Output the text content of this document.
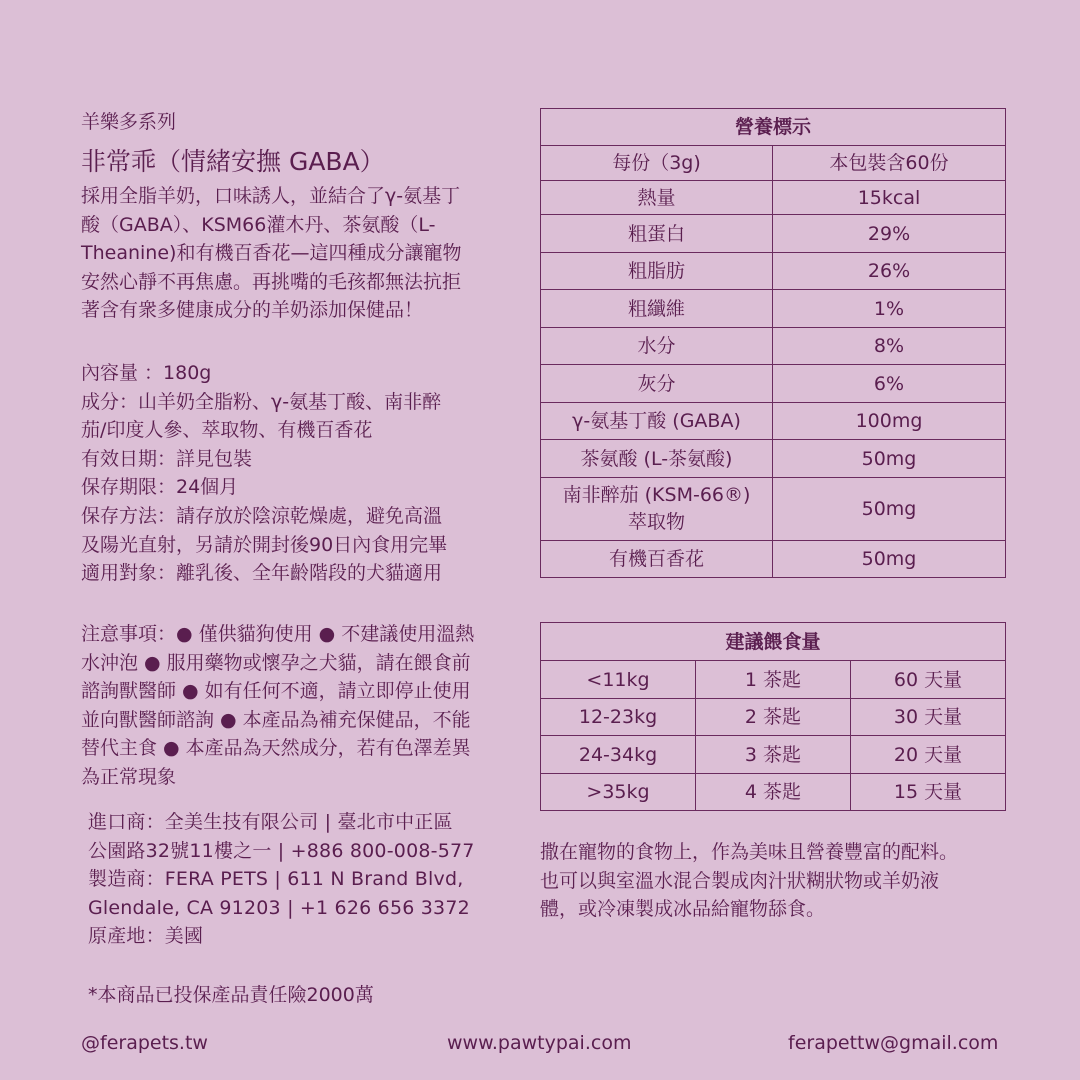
羊樂多系列
非常乖（情緒安撫 GABA）
採用全脂羊奶，口味誘人，並結合了γ-氨基丁
酸（GABA）、KSM66灌木丹、茶氨酸（L-
Theanine)和有機百香花—這四種成分讓寵物
安然心靜不再焦慮。再挑嘴的毛孩都無法抗拒
著含有衆多健康成分的羊奶添加保健品！
內容量 ：180g
成分：山羊奶全脂粉、γ-氨基丁酸、南非醉
茄/印度人參、萃取物、有機百香花
有效日期：詳見包裝
保存期限：24個月
保存方法：請存放於陰涼乾燥處，避免高溫
及陽光直射，另請於開封後90日內食用完畢
適用對象：離乳後、全年齡階段的犬貓適用
注意事項：● 僅供貓狗使用 ● 不建議使用溫熱
水沖泡 ● 服用藥物或懷孕之犬貓，請在餵食前
諮詢獸醫師 ● 如有任何不適，請立即停止使用
並向獸醫師諮詢 ● 本產品為補充保健品，不能
替代主食 ● 本產品為天然成分，若有色澤差異
為正常現象
進口商：全美生技有限公司 | 臺北市中正區
公園路32號11樓之一 | +886 800-008-577
製造商：FERA PETS | 611 N Brand Blvd,
Glendale, CA 91203 | +1 626 656 3372
原產地：美國
*本商品已投保產品責任險2000萬
營養標示	
每份（3g)	本包裝含60份
熱量	15kcal
粗蛋白	29%
粗脂肪	26%
粗纖維	1%
水分	8%
灰分	6%
γ-氨基丁酸 (GABA)	100mg
茶氨酸 (L-茶氨酸)	50mg
南非醉茄 (KSM-66®)
萃取物	50mg
有機百香花	50mg
建議餵食量		
<11kg	1 茶匙	60 天量
12-23kg	2 茶匙	30 天量
24-34kg	3 茶匙	20 天量
>35kg	4 茶匙	15 天量
撒在寵物的食物上，作為美味且營養豐富的配料。
也可以與室溫水混合製成肉汁狀糊狀物或羊奶液
體，或冷凍製成冰品給寵物舔食。
@ferapets.tw	www.pawtypai.com	ferapettw@gmail.com
